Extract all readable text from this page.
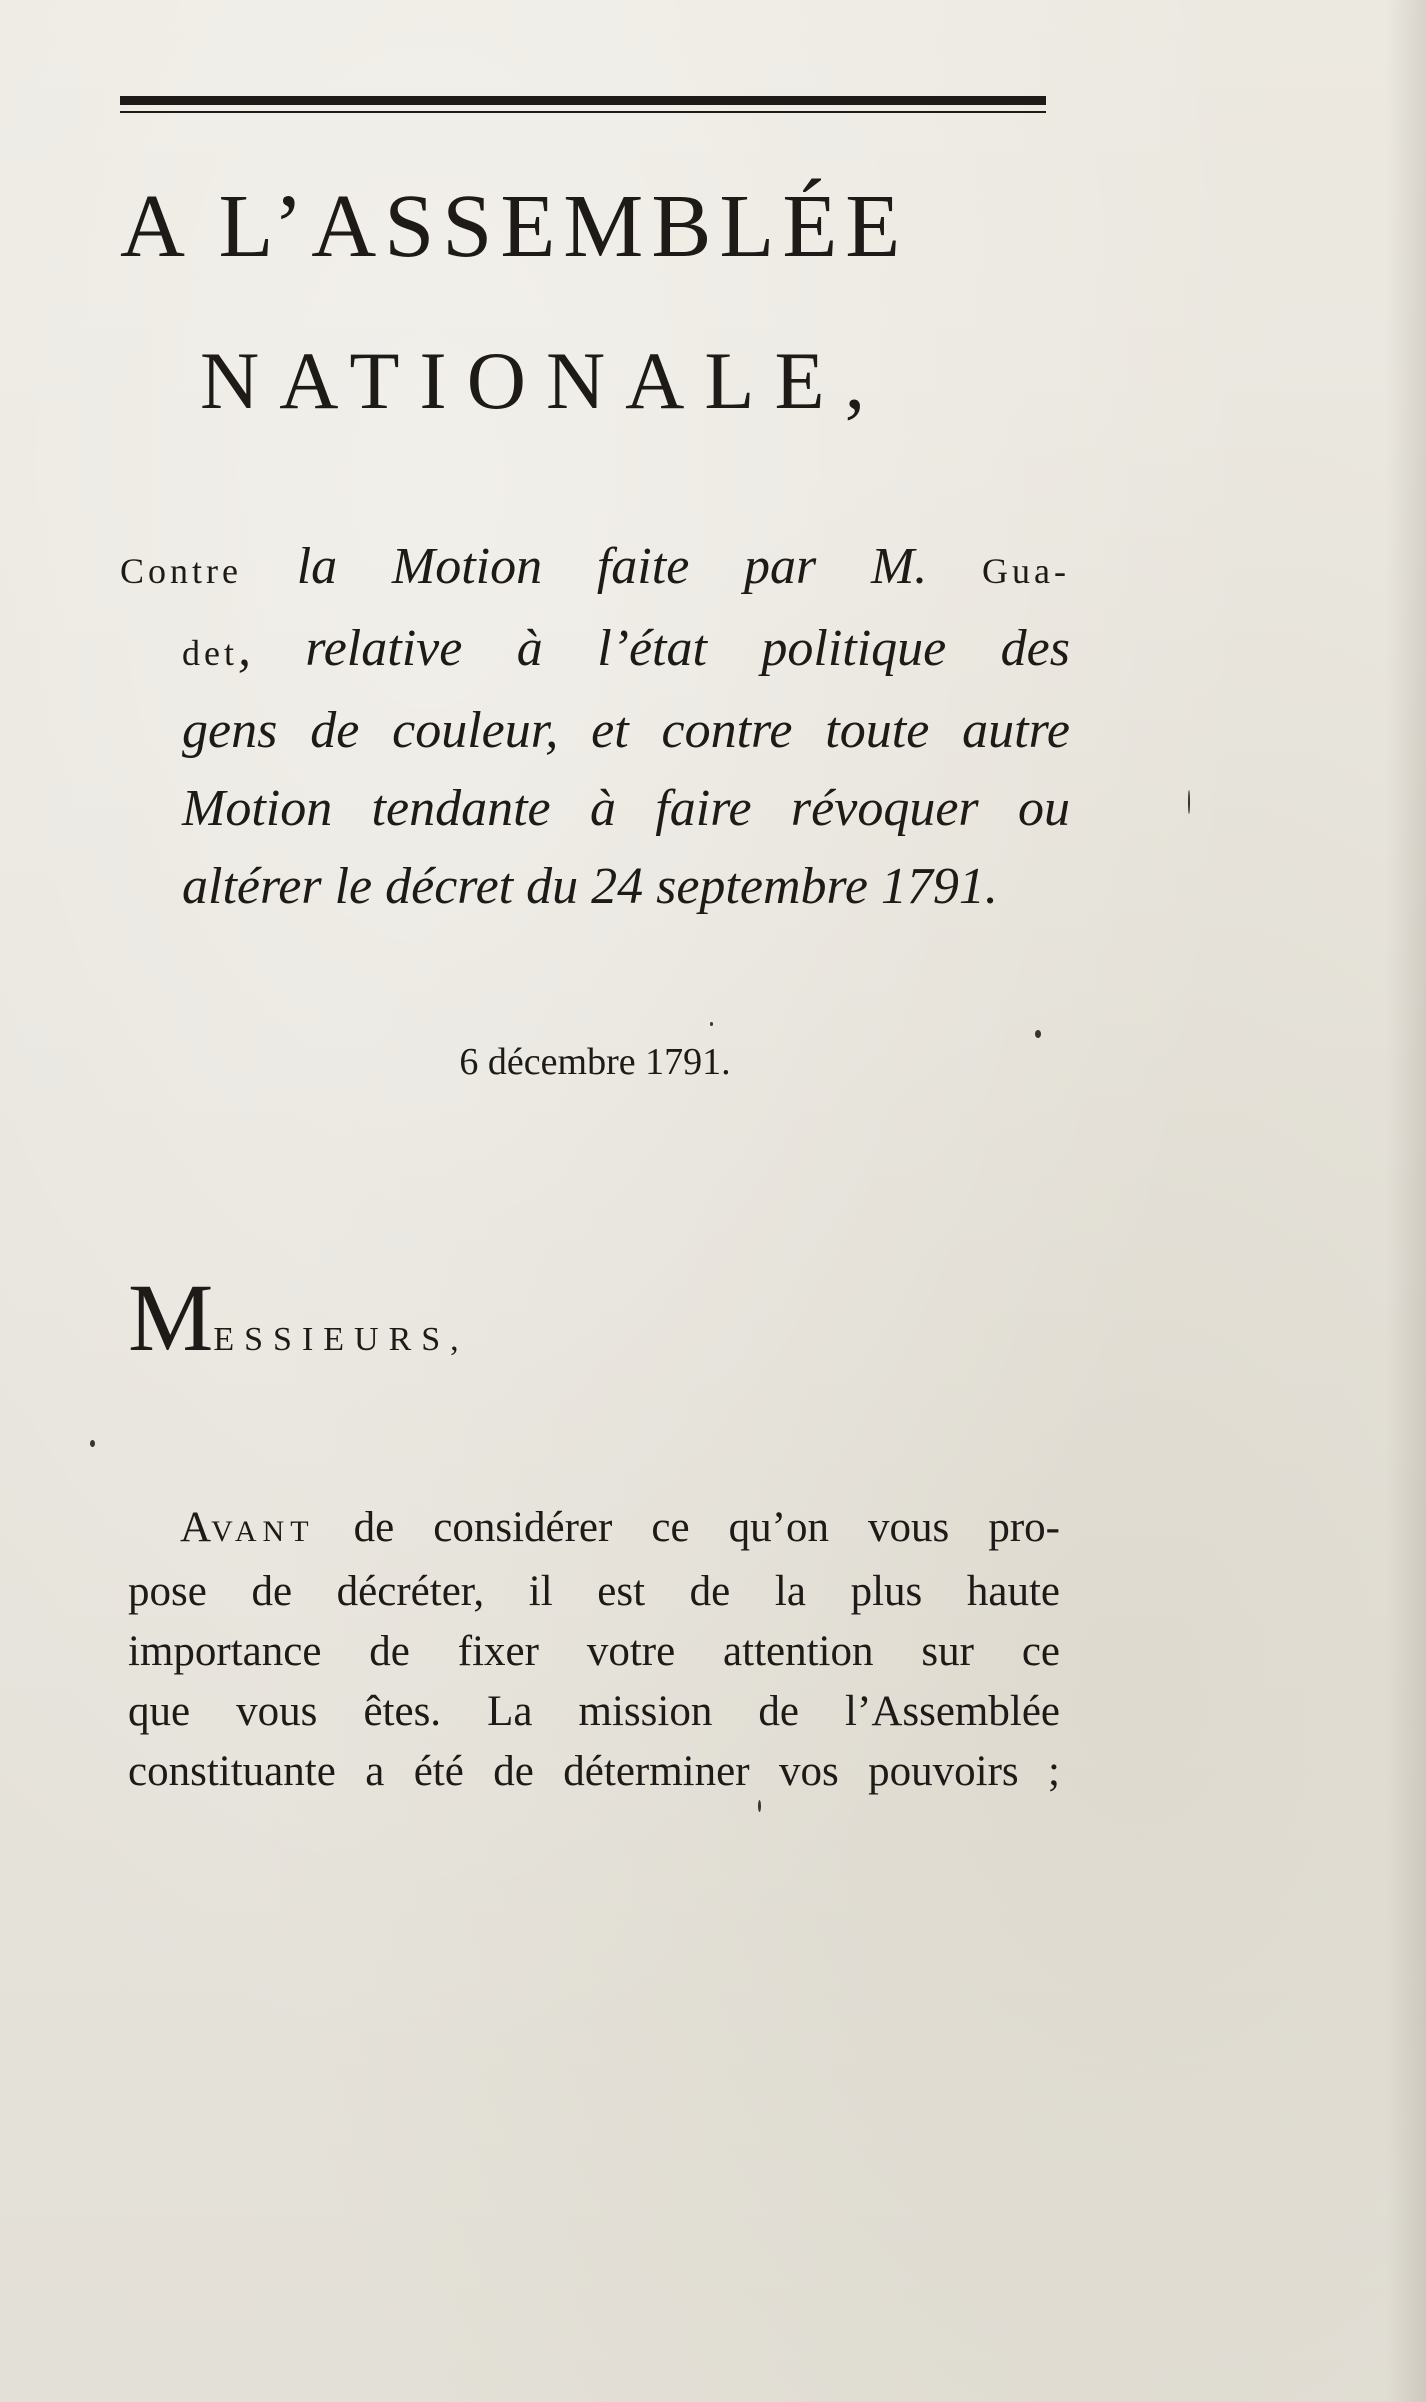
A L’ASSEMBLÉE
NATIONALE,
Contre la Motion faite par M. Gua-
det, relative à l’état politique des
gens de couleur, et contre toute autre
Motion tendante à faire révoquer ou
altérer le décret du 24 septembre 1791.
6 décembre 1791.
MESSIEURS,
AVANT de considérer ce qu’on vous pro-
pose de décréter, il est de la plus haute
importance de fixer votre attention sur ce
que vous êtes. La mission de l’Assemblée
constituante a été de déterminer vos pouvoirs ;
